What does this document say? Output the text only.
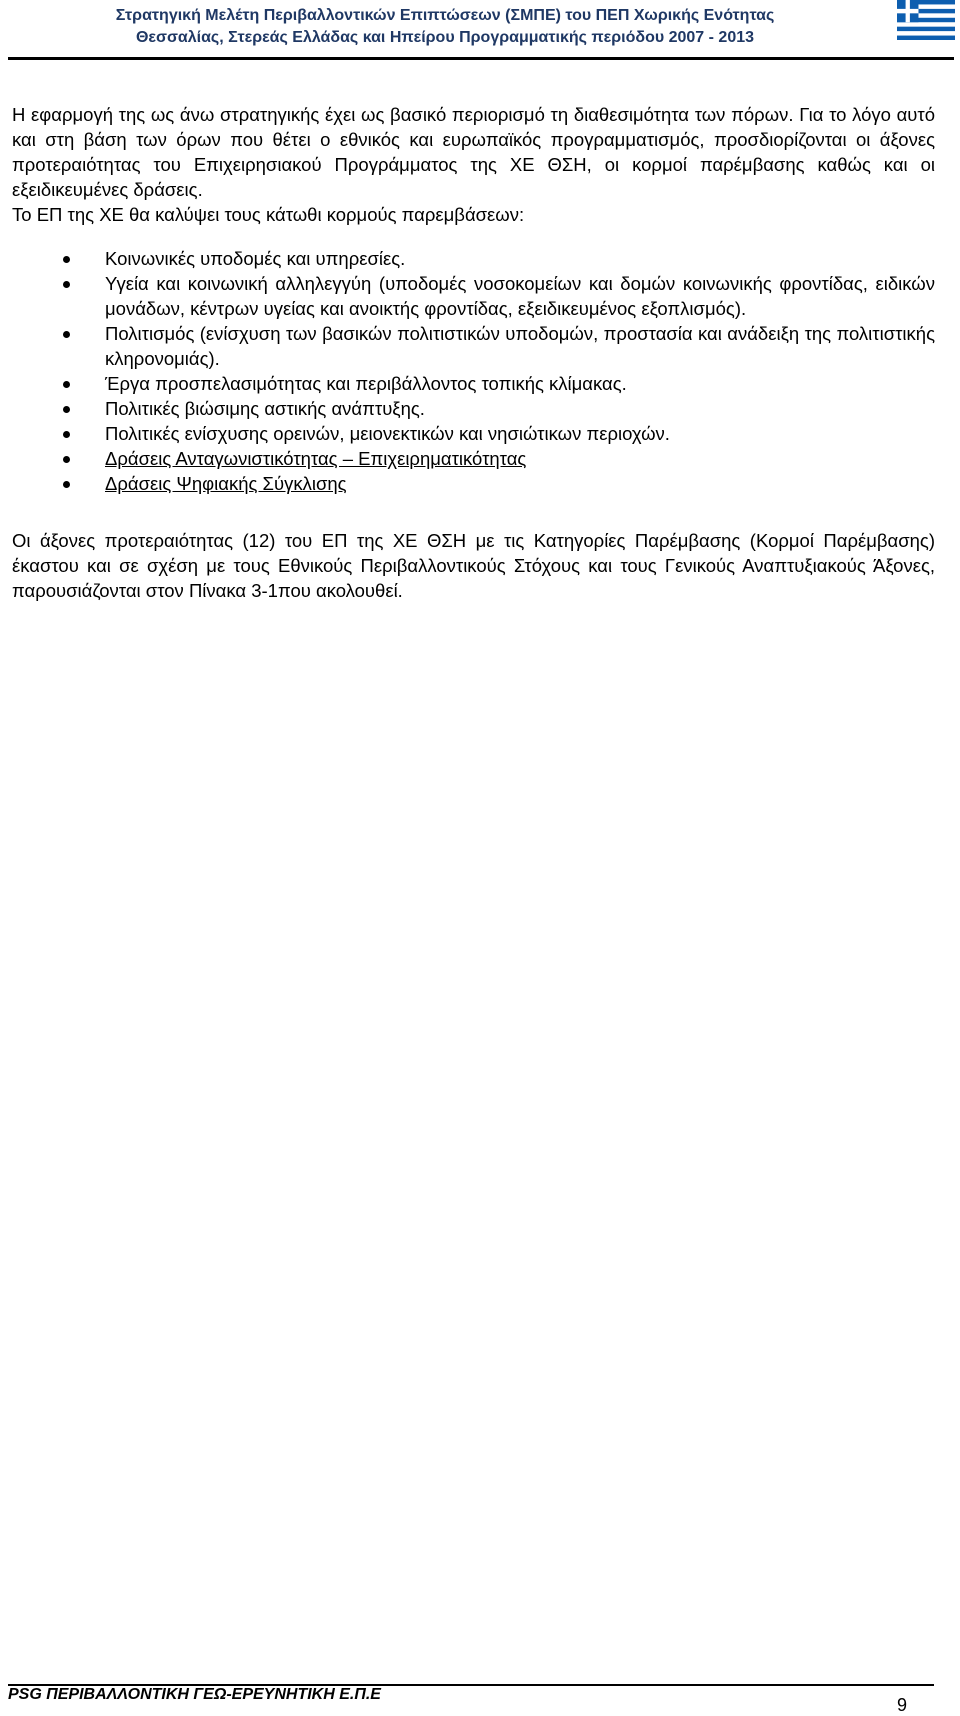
Στρατηγική Μελέτη Περιβαλλοντικών Επιπτώσεων (ΣΜΠΕ) του ΠΕΠ Χωρικής Ενότητας
Θεσσαλίας, Στερεάς Ελλάδας και Ηπείρου Προγραμματικής περιόδου 2007 - 2013

Η εφαρμογή της ως άνω στρατηγικής έχει ως βασικό περιορισμό τη διαθεσιμότητα των πόρων. Για το λόγο αυτό και στη βάση των όρων που θέτει ο εθνικός και ευρωπαϊκός προγραμματισμός, προσδιορίζονται οι άξονες προτεραιότητας του Επιχειρησιακού Προγράμματος της ΧΕ ΘΣΗ, οι κορμοί παρέμβασης καθώς και οι εξειδικευμένες δράσεις.
Το ΕΠ της ΧΕ θα καλύψει τους κάτωθι κορμούς παρεμβάσεων:

Κοινωνικές υποδομές και υπηρεσίες.
Υγεία και κοινωνική αλληλεγγύη (υποδομές νοσοκομείων και δομών κοινωνικής φροντίδας, ειδικών μονάδων, κέντρων υγείας και ανοικτής φροντίδας, εξειδικευμένος εξοπλισμός).
Πολιτισμός (ενίσχυση των βασικών πολιτιστικών υποδομών, προστασία και ανάδειξη της πολιτιστικής κληρονομιάς).
Έργα προσπελασιμότητας και περιβάλλοντος τοπικής κλίμακας.
Πολιτικές βιώσιμης αστικής ανάπτυξης.
Πολιτικές ενίσχυσης ορεινών, μειονεκτικών και νησιώτικων περιοχών.
Δράσεις Ανταγωνιστικότητας – Επιχειρηματικότητας
Δράσεις Ψηφιακής Σύγκλισης

Οι άξονες προτεραιότητας (12) του ΕΠ της ΧΕ ΘΣΗ με τις Κατηγορίες Παρέμβασης (Κορμοί Παρέμβασης) έκαστου και σε σχέση με τους Εθνικούς Περιβαλλοντικούς Στόχους και τους Γενικούς Αναπτυξιακούς Άξονες, παρουσιάζονται στον Πίνακα 3-1που ακολουθεί.

PSG ΠΕΡΙΒΑΛΛΟΝΤΙΚΗ ΓΕΩ-ΕΡΕΥΝΗΤΙΚΗ Ε.Π.Ε
9
